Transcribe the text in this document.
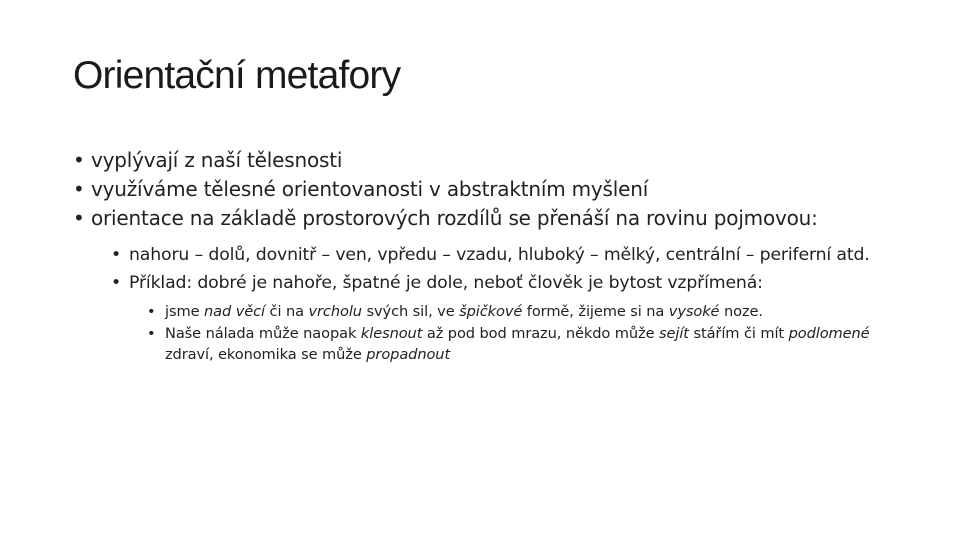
Orientační metafory
• vyplývají z naší tělesnosti
• využíváme tělesné orientovanosti v abstraktním myšlení
• orientace na základě prostorových rozdílů se přenáší na rovinu pojmovou:
• nahoru – dolů, dovnitř – ven, vpředu – vzadu, hluboký – mělký, centrální – periferní atd.
• Příklad: dobré je nahoře, špatné je dole, neboť člověk je bytost vzpřímená:
• jsme nad věcí či na vrcholu svých sil, ve špičkové formě, žijeme si na vysoké noze.
• Naše nálada může naopak klesnout až pod bod mrazu, někdo může sejít stářím či mít podlomené zdraví, ekonomika se může propadnout
